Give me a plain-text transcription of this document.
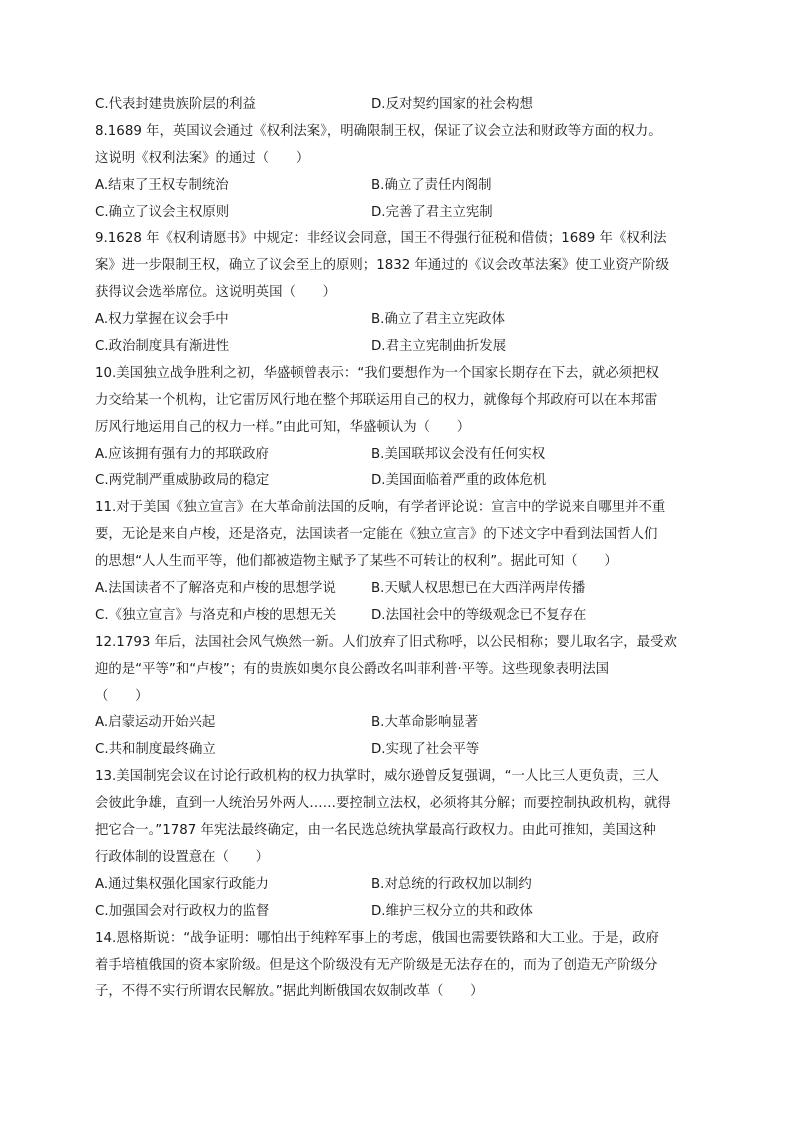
C.代表封建贵族阶层的利益	D.反对契约国家的社会构想
8.1689 年，英国议会通过《权利法案》，明确限制王权，保证了议会立法和财政等方面的权力。
这说明《权利法案》的通过（　　）
A.结束了王权专制统治	B.确立了责任内阁制
C.确立了议会主权原则	D.完善了君主立宪制
9.1628 年《权利请愿书》中规定：非经议会同意，国王不得强行征税和借债；1689 年《权利法
案》进一步限制王权，确立了议会至上的原则；1832 年通过的《议会改革法案》使工业资产阶级
获得议会选举席位。这说明英国（　　）
A.权力掌握在议会手中	B.确立了君主立宪政体
C.政治制度具有渐进性	D.君主立宪制曲折发展
10.美国独立战争胜利之初，华盛顿曾表示：“我们要想作为一个国家长期存在下去，就必须把权
力交给某一个机构，让它雷厉风行地在整个邦联运用自己的权力，就像每个邦政府可以在本邦雷
厉风行地运用自己的权力一样。”由此可知，华盛顿认为（　　）
A.应该拥有强有力的邦联政府	B.美国联邦议会没有任何实权
C.两党制严重威胁政局的稳定	D.美国面临着严重的政体危机
11.对于美国《独立宣言》在大革命前法国的反响，有学者评论说：宣言中的学说来自哪里并不重
要，无论是来自卢梭，还是洛克，法国读者一定能在《独立宣言》的下述文字中看到法国哲人们
的思想“人人生而平等，他们都被造物主赋予了某些不可转让的权利”。据此可知（　　）
A.法国读者不了解洛克和卢梭的思想学说	B.天赋人权思想已在大西洋两岸传播
C.《独立宣言》与洛克和卢梭的思想无关	D.法国社会中的等级观念已不复存在
12.1793 年后，法国社会风气焕然一新。人们放弃了旧式称呼，以公民相称；婴儿取名字，最受欢
迎的是“平等”和“卢梭”；有的贵族如奥尔良公爵改名叫菲利普·平等。这些现象表明法国
（　　）
A.启蒙运动开始兴起	B.大革命影响显著
C.共和制度最终确立	D.实现了社会平等
13.美国制宪会议在讨论行政机构的权力执掌时，威尔逊曾反复强调，“一人比三人更负责，三人
会彼此争雄，直到一人统治另外两人……要控制立法权，必须将其分解；而要控制执政机构，就得
把它合一。”1787 年宪法最终确定，由一名民选总统执掌最高行政权力。由此可推知，美国这种
行政体制的设置意在（　　）
A.通过集权强化国家行政能力	B.对总统的行政权加以制约
C.加强国会对行政权力的监督	D.维护三权分立的共和政体
14.恩格斯说：“战争证明：哪怕出于纯粹军事上的考虑，俄国也需要铁路和大工业。于是，政府
着手培植俄国的资本家阶级。但是这个阶级没有无产阶级是无法存在的，而为了创造无产阶级分
子，不得不实行所谓农民解放。”据此判断俄国农奴制改革（　　）
